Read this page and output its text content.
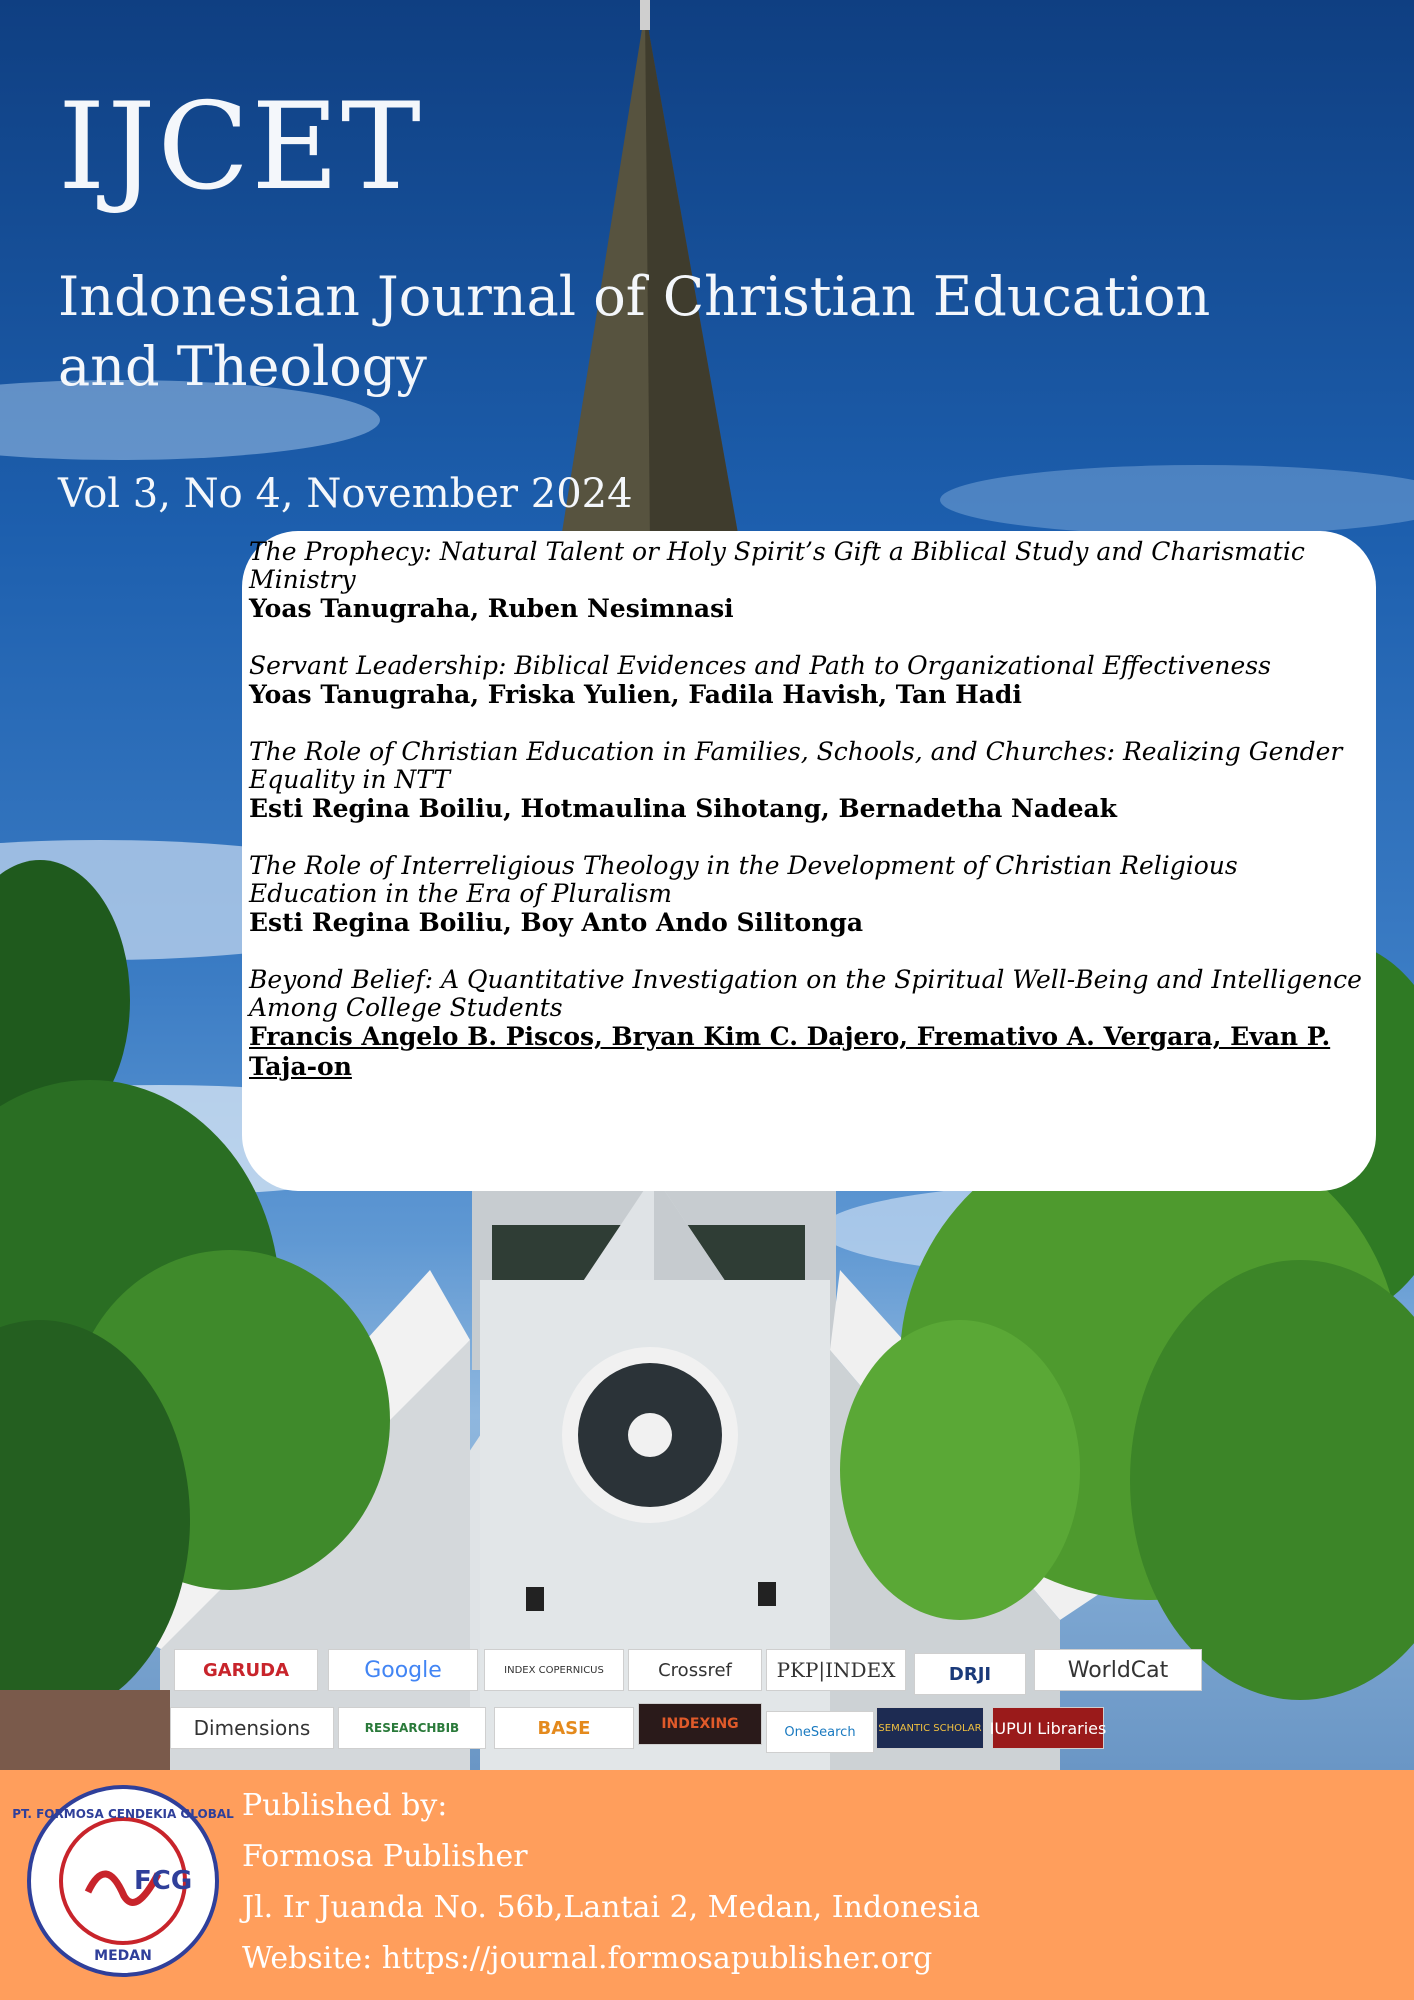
IJCET
Indonesian Journal of Christian Education and Theology
Vol 3, No 4, November 2024
The Prophecy: Natural Talent or Holy Spirit’s Gift a Biblical Study and Charismatic Ministry
Yoas Tanugraha, Ruben Nesimnasi
Servant Leadership: Biblical Evidences and Path to Organizational Effectiveness
Yoas Tanugraha, Friska Yulien, Fadila Havish, Tan Hadi
The Role of Christian Education in Families, Schools, and Churches: Realizing Gender Equality in NTT
Esti Regina Boiliu, Hotmaulina Sihotang, Bernadetha Nadeak
The Role of Interreligious Theology in the Development of Christian Religious Education in the Era of Pluralism
Esti Regina Boiliu, Boy Anto Ando Silitonga
Beyond Belief: A Quantitative Investigation on the Spiritual Well-Being and Intelligence Among College Students
Francis Angelo B. Piscos, Bryan Kim C. Dajero, Fremativo A. Vergara, Evan P. Taja-on
GARUDA	Google	INDEX COPERNICUS	Crossref	PKP|INDEX	DRJI	WorldCat
Dimensions	RESEARCHBIB	BASE	INDEXING	OneSearch	SEMANTIC SCHOLAR IUPUI Libraries
FCG
PT. FORMOSA CENDEKIA GLOBAL
MEDAN
Published by:
Formosa Publisher
Jl. Ir Juanda No. 56b,Lantai 2, Medan, Indonesia
Website: https://journal.formosapublisher.org
